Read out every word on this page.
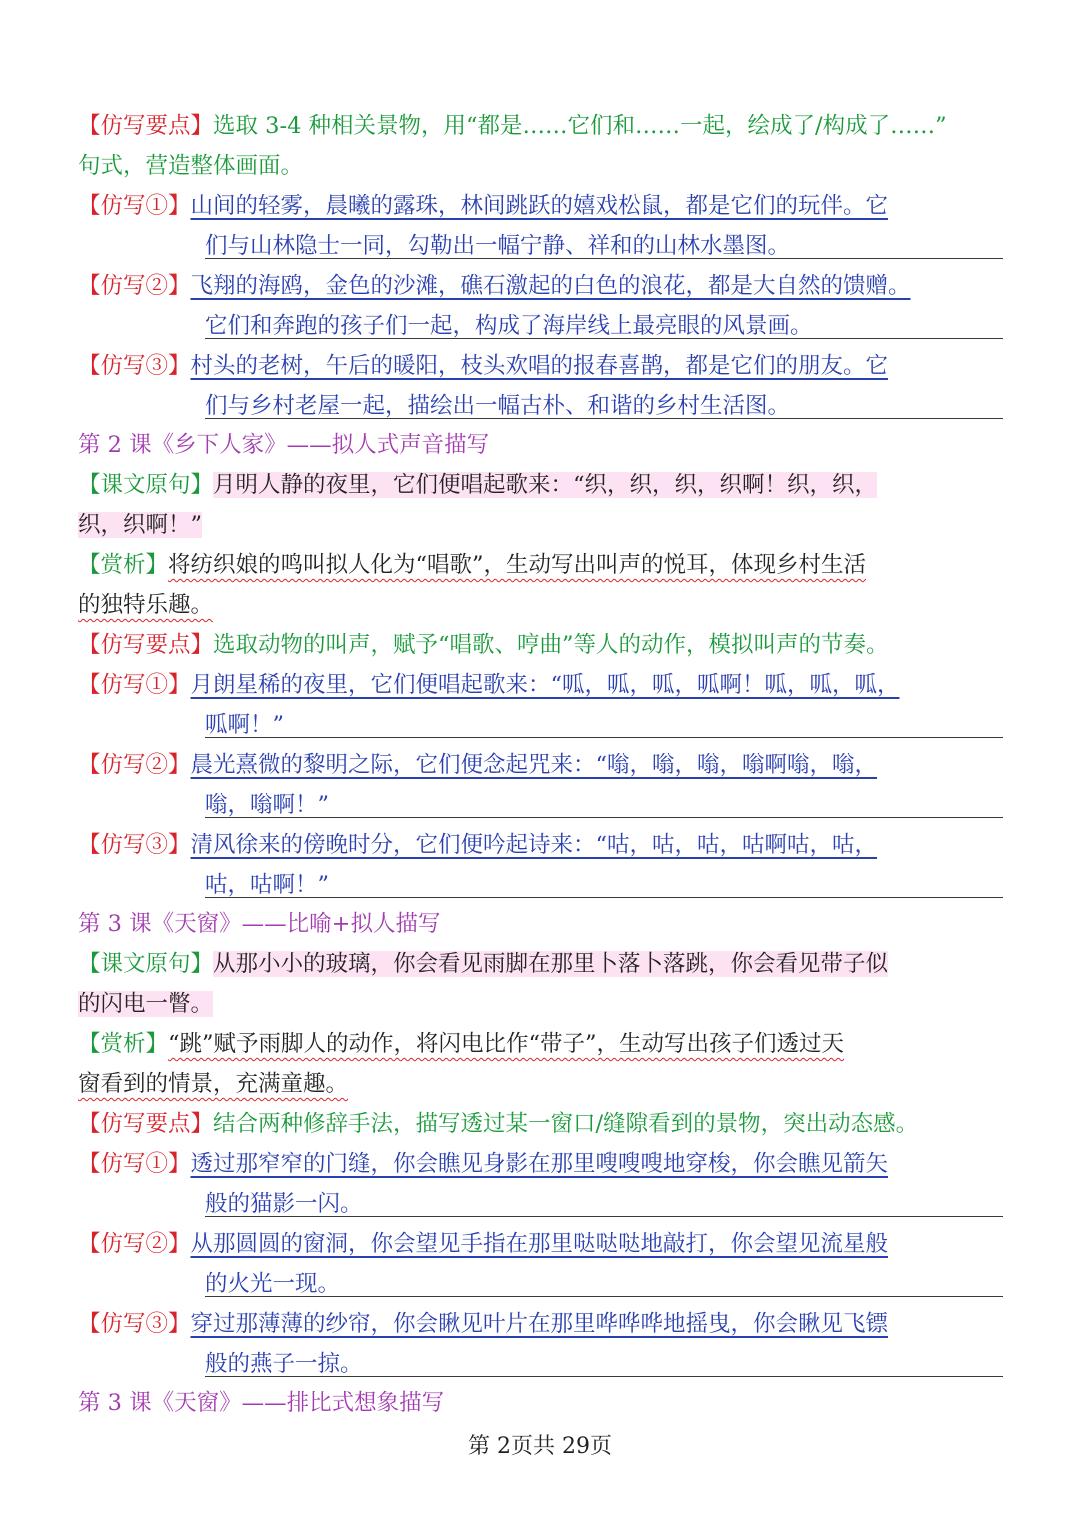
【仿写要点】选取 3-4 种相关景物，用“都是……它们和……一起，绘成了/构成了……”
句式，营造整体画面。
【仿写①】山间的轻雾，晨曦的露珠，林间跳跃的嬉戏松鼠，都是它们的玩伴。它
们与山林隐士一同，勾勒出一幅宁静、祥和的山林水墨图。
【仿写②】飞翔的海鸥，金色的沙滩，礁石激起的白色的浪花，都是大自然的馈赠。
它们和奔跑的孩子们一起，构成了海岸线上最亮眼的风景画。
【仿写③】村头的老树，午后的暖阳，枝头欢唱的报春喜鹊，都是它们的朋友。它
们与乡村老屋一起，描绘出一幅古朴、和谐的乡村生活图。
第 2 课《乡下人家》——拟人式声音描写
【课文原句】月明人静的夜里，它们便唱起歌来：“织，织，织，织啊！织，织，
织，织啊！”
【赏析】将纺织娘的鸣叫拟人化为“唱歌”，生动写出叫声的悦耳，体现乡村生活
的独特乐趣。
【仿写要点】选取动物的叫声，赋予“唱歌、哼曲”等人的动作，模拟叫声的节奏。
【仿写①】月朗星稀的夜里，它们便唱起歌来：“呱，呱，呱，呱啊！呱，呱，呱，
呱啊！”
【仿写②】晨光熹微的黎明之际，它们便念起咒来：“嗡，嗡，嗡，嗡啊嗡，嗡，
嗡，嗡啊！”
【仿写③】清风徐来的傍晚时分，它们便吟起诗来：“咕，咕，咕，咕啊咕，咕，
咕，咕啊！”
第 3 课《天窗》——比喻+拟人描写
【课文原句】从那小小的玻璃，你会看见雨脚在那里卜落卜落跳，你会看见带子似
的闪电一瞥。
【赏析】“跳”赋予雨脚人的动作，将闪电比作“带子”，生动写出孩子们透过天
窗看到的情景，充满童趣。
【仿写要点】结合两种修辞手法，描写透过某一窗口/缝隙看到的景物，突出动态感。
【仿写①】透过那窄窄的门缝，你会瞧见身影在那里嗖嗖嗖地穿梭，你会瞧见箭矢
般的猫影一闪。
【仿写②】从那圆圆的窗洞，你会望见手指在那里哒哒哒地敲打，你会望见流星般
的火光一现。
【仿写③】穿过那薄薄的纱帘，你会瞅见叶片在那里哗哗哗地摇曳，你会瞅见飞镖
般的燕子一掠。
第 3 课《天窗》——排比式想象描写
第 2页共 29页
